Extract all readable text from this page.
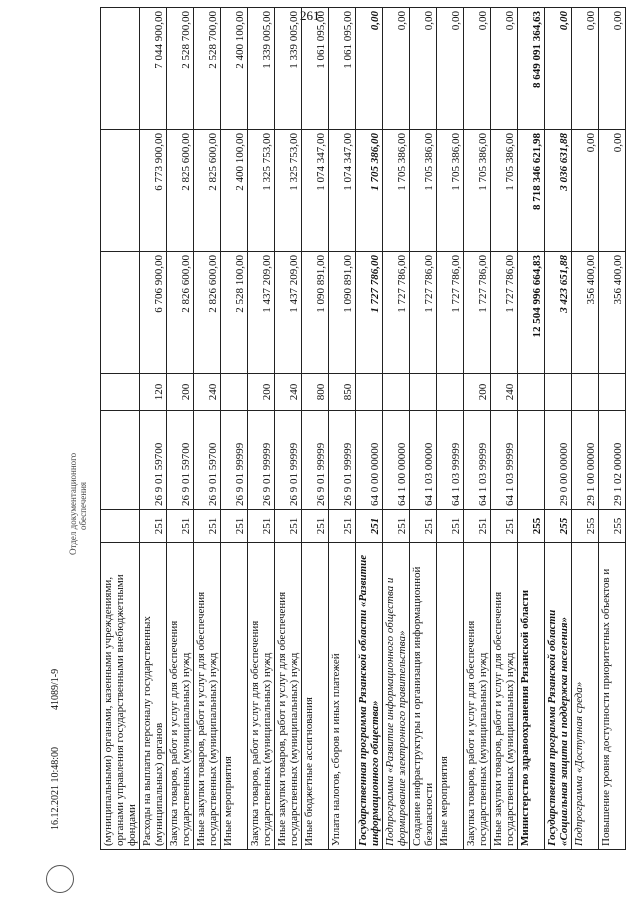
261
(муниципальными) органами, казенными учреждениями, органами управления государственными внебюджетными фондами						
Расходы на выплаты персоналу государственных (муниципальных) органов	251	26 9 01 59700	120	6 706 900,00	6 773 900,00	7 044 900,00
Закупка товаров, работ и услуг для обеспечения государственных (муниципальных) нужд	251	26 9 01 59700	200	2 826 600,00	2 825 600,00	2 528 700,00
Иные закупки товаров, работ и услуг для обеспечения государственных (муниципальных) нужд	251	26 9 01 59700	240	2 826 600,00	2 825 600,00	2 528 700,00
Иные мероприятия	251	26 9 01 99999		2 528 100,00	2 400 100,00	2 400 100,00
Закупка товаров, работ и услуг для обеспечения государственных (муниципальных) нужд	251	26 9 01 99999	200	1 437 209,00	1 325 753,00	1 339 005,00
Иные закупки товаров, работ и услуг для обеспечения государственных (муниципальных) нужд	251	26 9 01 99999	240	1 437 209,00	1 325 753,00	1 339 005,00
Иные бюджетные ассигнования	251	26 9 01 99999	800	1 090 891,00	1 074 347,00	1 061 095,00
Уплата налогов, сборов и иных платежей	251	26 9 01 99999	850	1 090 891,00	1 074 347,00	1 061 095,00
Государственная программа Рязанской области «Развитие информационного общества»	251	64 0 00 00000		1 727 786,00	1 705 386,00	0,00
Подпрограмма «Развитие информационного общества и формирование электронного правительства»	251	64 1 00 00000		1 727 786,00	1 705 386,00	0,00
Создание инфраструктуры и организация информационной безопасности	251	64 1 03 00000		1 727 786,00	1 705 386,00	0,00
Иные мероприятия	251	64 1 03 99999		1 727 786,00	1 705 386,00	0,00
Закупка товаров, работ и услуг для обеспечения государственных (муниципальных) нужд	251	64 1 03 99999	200	1 727 786,00	1 705 386,00	0,00
Иные закупки товаров, работ и услуг для обеспечения государственных (муниципальных) нужд	251	64 1 03 99999	240	1 727 786,00	1 705 386,00	0,00
Министерство здравоохранения Рязанской области	255			12 504 996 664,83	8 718 346 621,98	8 649 091 364,63
Государственная программа Рязанской области «Социальная защита и поддержка населения»	255	29 0 00 00000		3 423 651,88	3 036 631,88	0,00
Подпрограмма «Доступная среда»	255	29 1 00 00000		356 400,00	0,00	0,00
Повышение уровня доступности приоритетных объектов и	255	29 1 02 00000		356 400,00	0,00	0,00
16.12.2021 10:48:00
41089/1-9
Отдел документационного обеспечения
